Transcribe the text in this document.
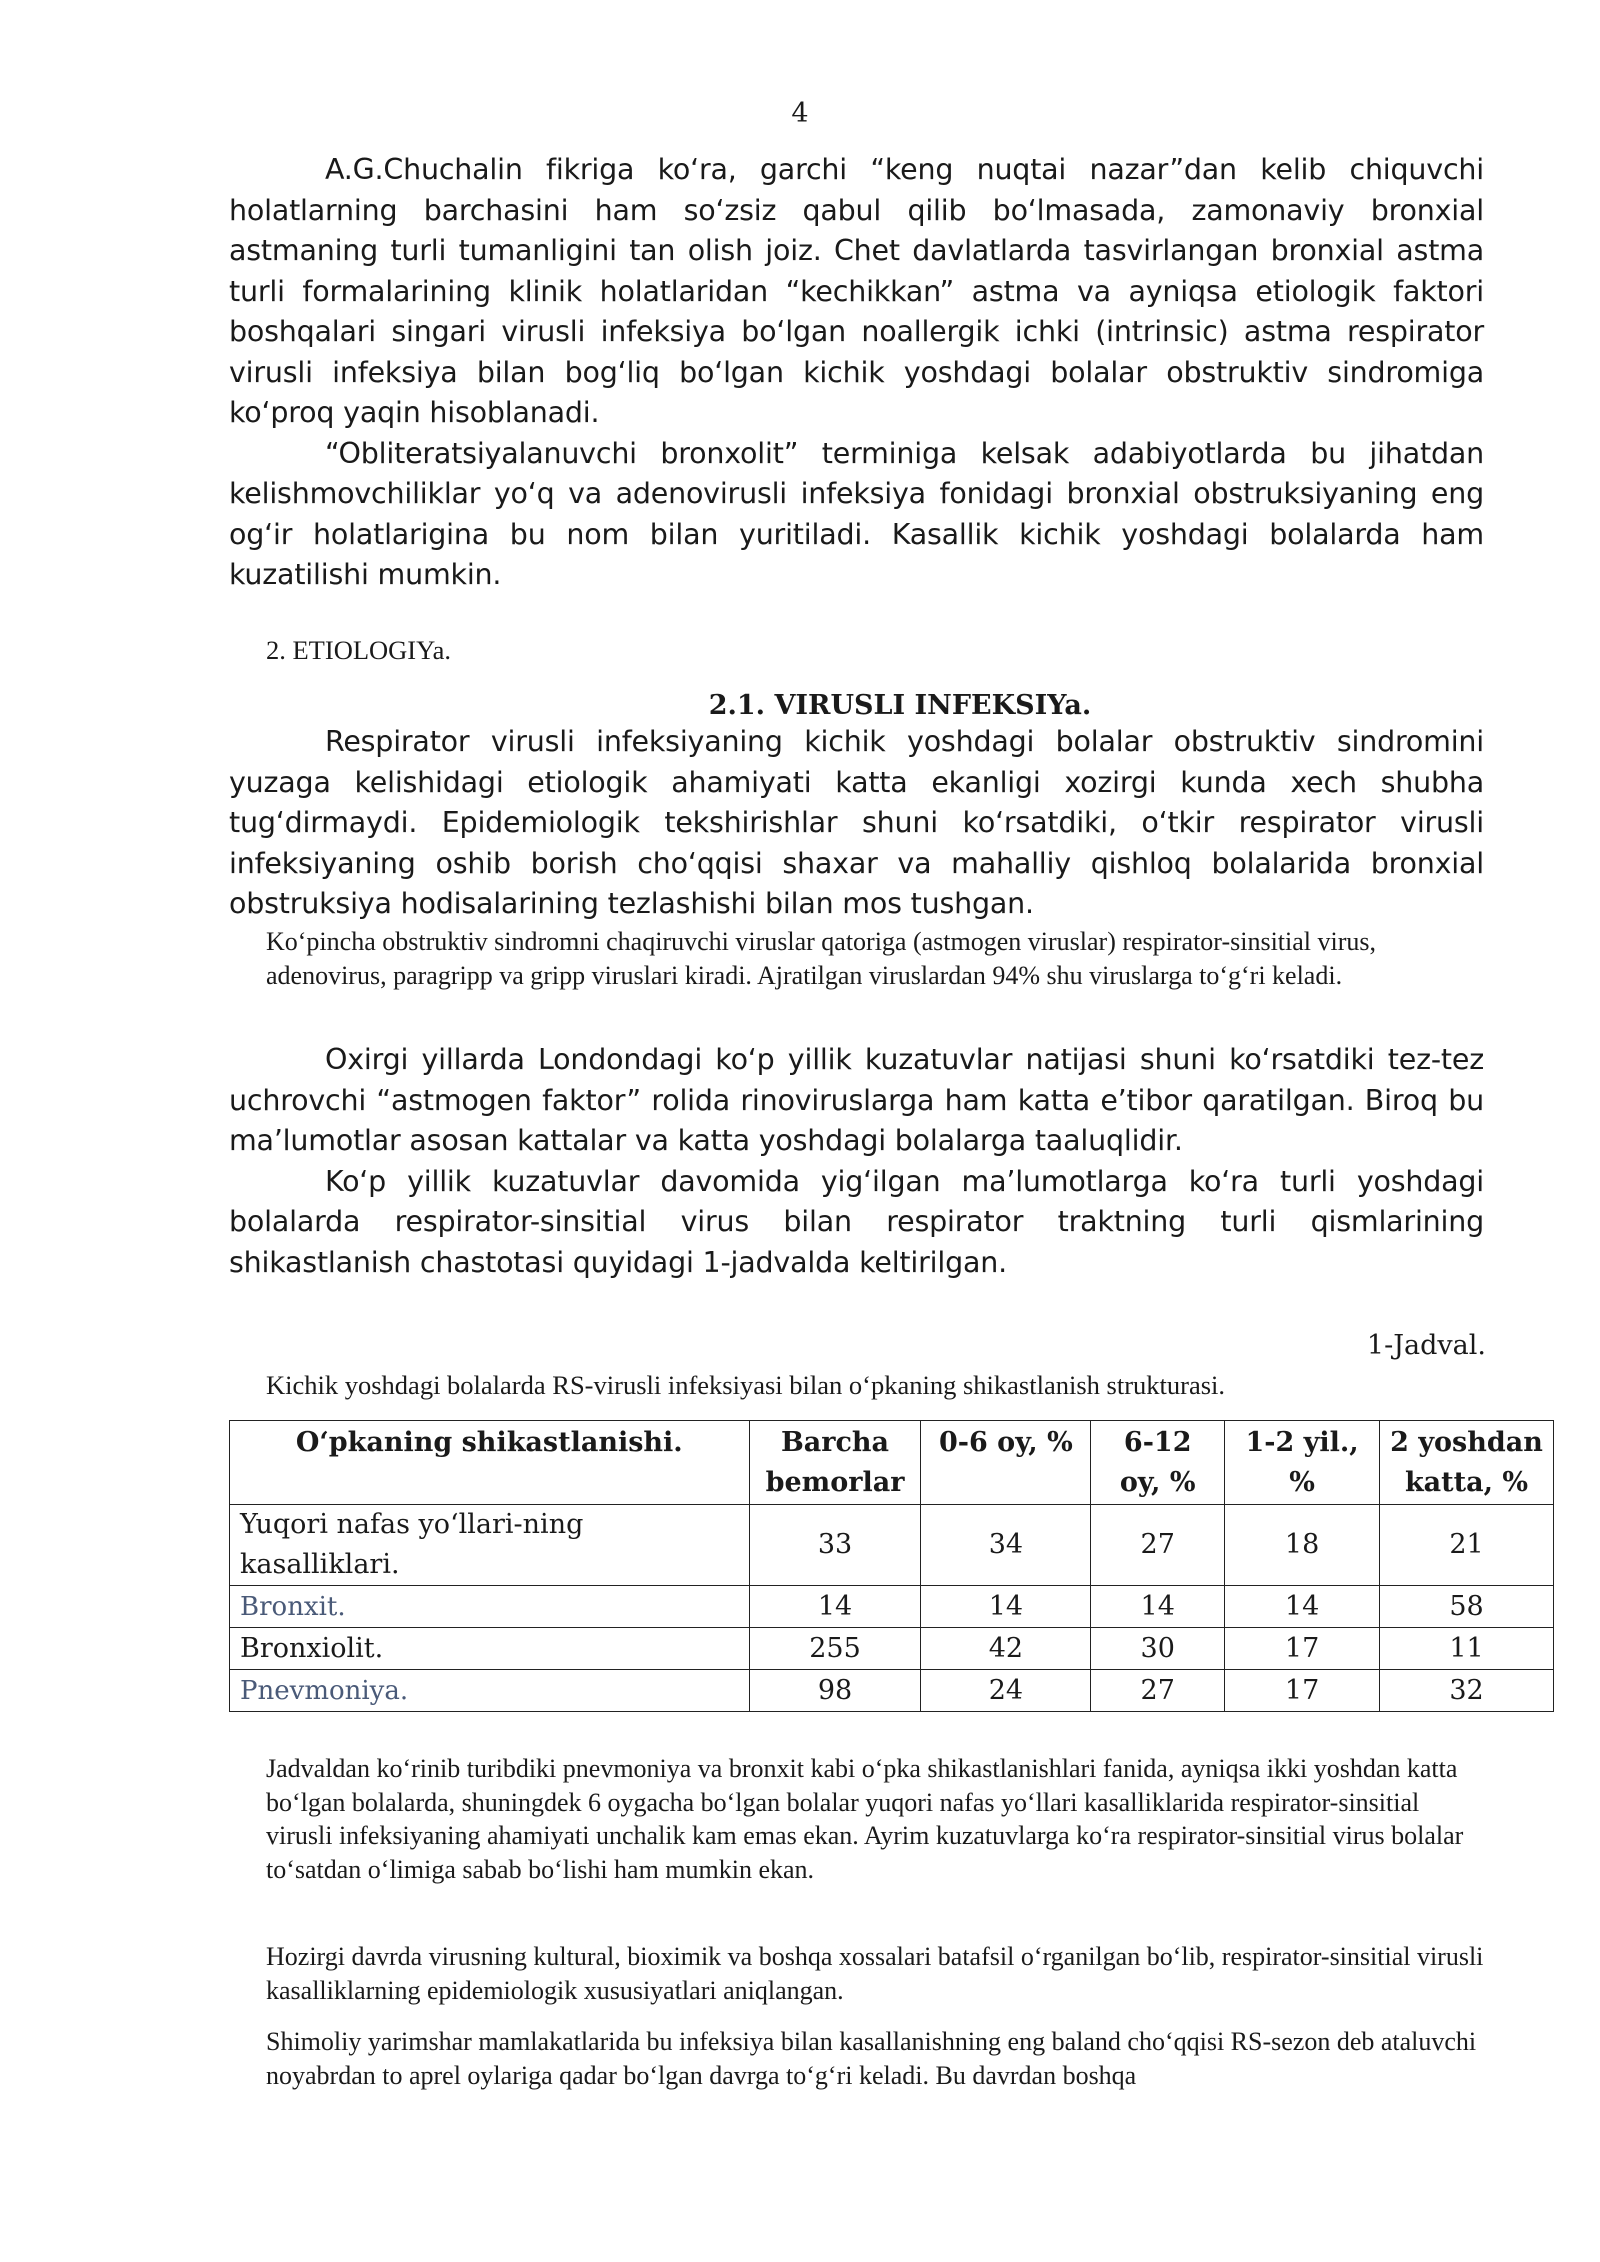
4

A.G.Chuchalin fikriga ko‘ra, garchi “keng nuqtai nazar”dan kelib chiquvchi holatlarning barchasini ham so‘zsiz qabul qilib bo‘lmasada, zamonaviy bronxial astmaning turli tumanligini tan olish joiz. Chet davlatlarda tasvirlangan bronxial astma turli formalarining klinik holatlaridan “kechikkan” astma va ayniqsa etiologik faktori boshqalari singari virusli infeksiya bo‘lgan noallergik ichki (intrinsic) astma respirator virusli infeksiya bilan bog‘liq bo‘lgan kichik yoshdagi bolalar obstruktiv sindromiga ko‘proq yaqin hisoblanadi.

“Obliteratsiyalanuvchi bronxolit” terminiga kelsak adabiyotlarda bu jihatdan kelishmovchiliklar yo‘q va adenovirusli infeksiya fonidagi bronxial obstruksiyaning eng og‘ir holatlarigina bu nom bilan yuritiladi. Kasallik kichik yoshdagi bolalarda ham kuzatilishi mumkin.

2. ETIOLOGIYa.
2.1. VIRUSLI INFEKSIYa.

Respirator virusli infeksiyaning kichik yoshdagi bolalar obstruktiv sindromini yuzaga kelishidagi etiologik ahamiyati katta ekanligi xozirgi kunda xech shubha tug‘dirmaydi. Epidemiologik tekshirishlar shuni ko‘rsatdiki, o‘tkir respirator virusli infeksiyaning oshib borish cho‘qqisi shaxar va mahalliy qishloq bolalarida bronxial obstruksiya hodisalarining tezlashishi bilan mos tushgan.

Ko‘pincha obstruktiv sindromni chaqiruvchi viruslar qatoriga (astmogen viruslar) respirator-sinsitial virus, adenovirus, paragripp va gripp viruslari kiradi. Ajratilgan viruslardan 94% shu viruslarga to‘g‘ri keladi.

Oxirgi yillarda Londondagi ko‘p yillik kuzatuvlar natijasi shuni ko‘rsatdiki tez-tez uchrovchi “astmogen faktor” rolida rinoviruslarga ham katta e’tibor qaratilgan. Biroq bu ma’lumotlar asosan kattalar va katta yoshdagi bolalarga taaluqlidir.

Ko‘p yillik kuzatuvlar davomida yig‘ilgan ma’lumotlarga ko‘ra turli yoshdagi bolalarda respirator-sinsitial virus bilan respirator traktning turli qismlarining shikastlanish chastotasi quyidagi 1-jadvalda keltirilgan.

1-Jadval.
Kichik yoshdagi bolalarda RS-virusli infeksiyasi bilan o‘pkaning shikastlanish strukturasi.
O‘pkaning shikastlanishi.	Barcha bemorlar	0-6 oy, %	6-12 oy, %	1-2 yil., %	2 yoshdan katta, %
Yuqori nafas yo‘llari-ning kasalliklari.	33	34	27	18	21
Bronxit.	14	14	14	14	58
Bronxiolit.	255	42	30	17	11
Pnevmoniya.	98	24	27	17	32

Jadvaldan ko‘rinib turibdiki pnevmoniya va bronxit kabi o‘pka shikastlanishlari fanida, ayniqsa ikki yoshdan katta bo‘lgan bolalarda, shuningdek 6 oygacha bo‘lgan bolalar yuqori nafas yo‘llari kasalliklarida respirator-sinsitial virusli infeksiyaning ahamiyati unchalik kam emas ekan. Ayrim kuzatuvlarga ko‘ra respirator-sinsitial virus bolalar to‘satdan o‘limiga sabab bo‘lishi ham mumkin ekan.

Hozirgi davrda virusning kultural, bioximik va boshqa xossalari batafsil o‘rganilgan bo‘lib, respirator-sinsitial virusli kasalliklarning epidemiologik xususiyatlari aniqlangan.

Shimoliy yarimshar mamlakatlarida bu infeksiya bilan kasallanishning eng baland cho‘qqisi RS-sezon deb ataluvchi noyabrdan to aprel oylariga qadar bo‘lgan davrga to‘g‘ri keladi. Bu davrdan boshqa
